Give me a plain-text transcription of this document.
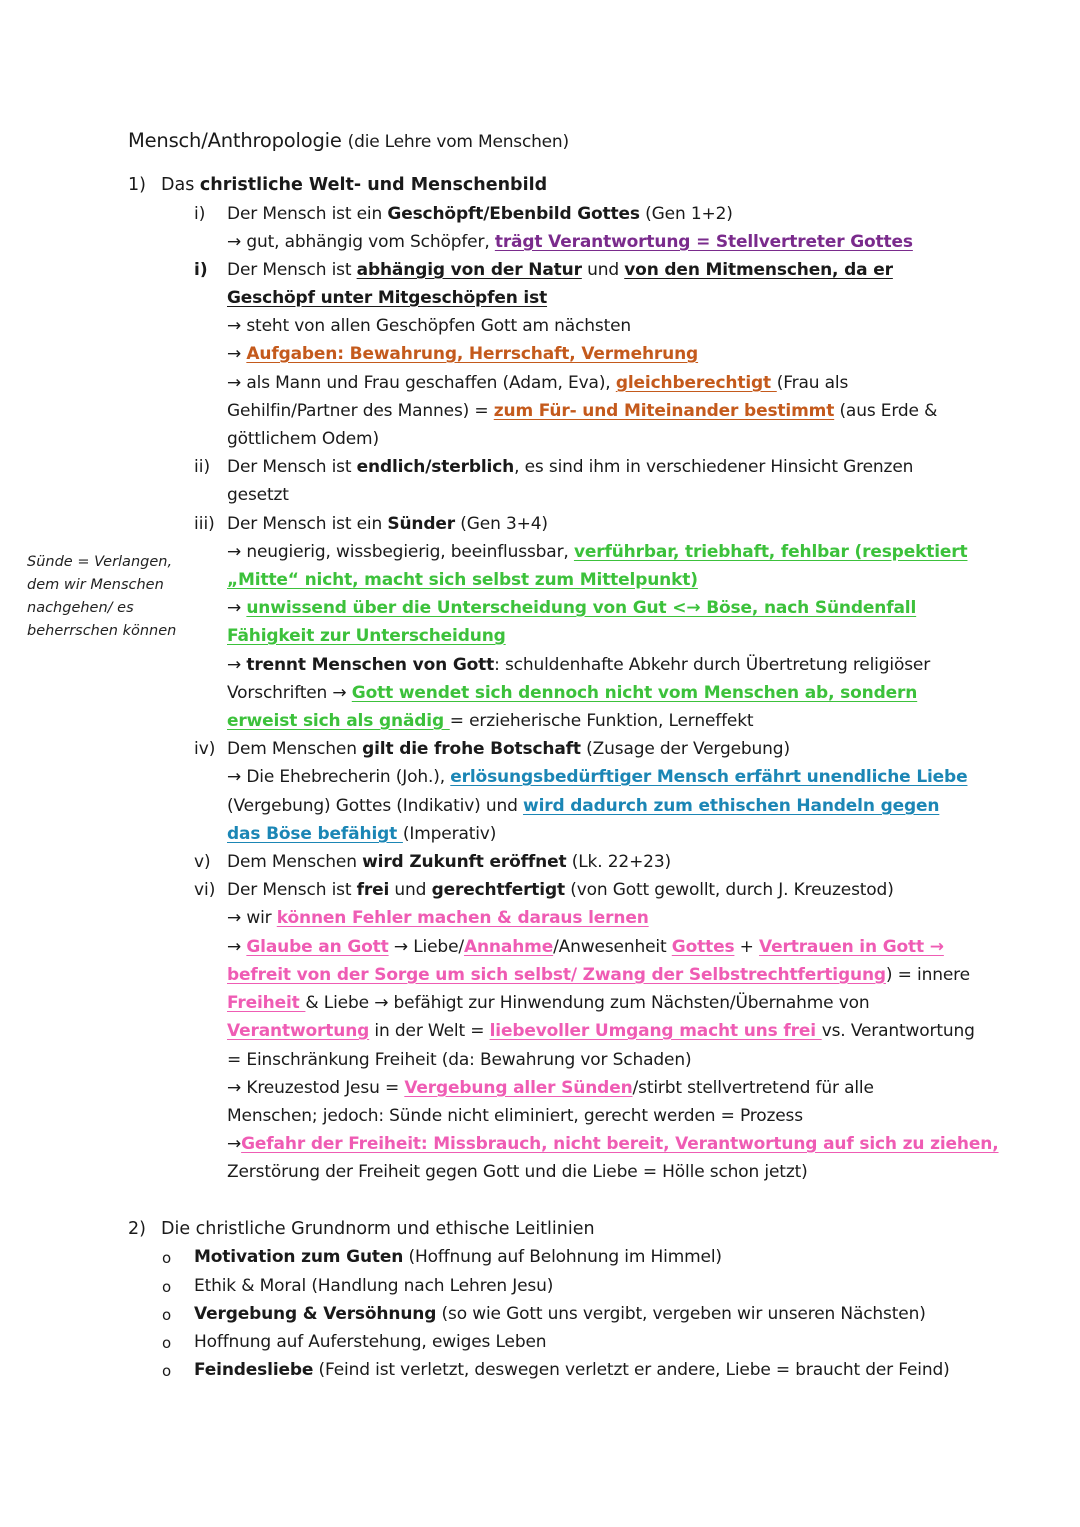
Mensch/Anthropologie (die Lehre vom Menschen)
Sünde = Verlangen,
dem wir Menschen
nachgehen/ es
beherrschen können
1) Das christliche Welt- und Menschenbild
i) Der Mensch ist ein Geschöpft/Ebenbild Gottes (Gen 1+2)
→ gut, abhängig vom Schöpfer, trägt Verantwortung = Stellvertreter Gottes
i) Der Mensch ist abhängig von der Natur und von den Mitmenschen, da er
Geschöpf unter Mitgeschöpfen ist
→ steht von allen Geschöpfen Gott am nächsten
→ Aufgaben: Bewahrung, Herrschaft, Vermehrung
→ als Mann und Frau geschaffen (Adam, Eva), gleichberechtigt (Frau als
Gehilfin/Partner des Mannes) = zum Für- und Miteinander bestimmt (aus Erde &
göttlichem Odem)
ii) Der Mensch ist endlich/sterblich, es sind ihm in verschiedener Hinsicht Grenzen
gesetzt
iii) Der Mensch ist ein Sünder (Gen 3+4)
→ neugierig, wissbegierig, beeinflussbar, verführbar, triebhaft, fehlbar (respektiert
„Mitte“ nicht, macht sich selbst zum Mittelpunkt)
→ unwissend über die Unterscheidung von Gut <→ Böse, nach Sündenfall
Fähigkeit zur Unterscheidung
→ trennt Menschen von Gott: schuldenhafte Abkehr durch Übertretung religiöser
Vorschriften → Gott wendet sich dennoch nicht vom Menschen ab, sondern
erweist sich als gnädig = erzieherische Funktion, Lerneffekt
iv) Dem Menschen gilt die frohe Botschaft (Zusage der Vergebung)
→ Die Ehebrecherin (Joh.), erlösungsbedürftiger Mensch erfährt unendliche Liebe
(Vergebung) Gottes (Indikativ) und wird dadurch zum ethischen Handeln gegen
das Böse befähigt (Imperativ)
v) Dem Menschen wird Zukunft eröffnet (Lk. 22+23)
vi) Der Mensch ist frei und gerechtfertigt (von Gott gewollt, durch J. Kreuzestod)
→ wir können Fehler machen & daraus lernen
→ Glaube an Gott → Liebe/Annahme/Anwesenheit Gottes + Vertrauen in Gott →
befreit von der Sorge um sich selbst/ Zwang der Selbstrechtfertigung) = innere
Freiheit & Liebe → befähigt zur Hinwendung zum Nächsten/Übernahme von
Verantwortung in der Welt = liebevoller Umgang macht uns frei vs. Verantwortung
= Einschränkung Freiheit (da: Bewahrung vor Schaden)
→ Kreuzestod Jesu = Vergebung aller Sünden/stirbt stellvertretend für alle
Menschen; jedoch: Sünde nicht eliminiert, gerecht werden = Prozess
→Gefahr der Freiheit: Missbrauch, nicht bereit, Verantwortung auf sich zu ziehen,
Zerstörung der Freiheit gegen Gott und die Liebe = Hölle schon jetzt)
2) Die christliche Grundnorm und ethische Leitlinien
o Motivation zum Guten (Hoffnung auf Belohnung im Himmel)
o Ethik & Moral (Handlung nach Lehren Jesu)
o Vergebung & Versöhnung (so wie Gott uns vergibt, vergeben wir unseren Nächsten)
o Hoffnung auf Auferstehung, ewiges Leben
o Feindesliebe (Feind ist verletzt, deswegen verletzt er andere, Liebe = braucht der Feind)
